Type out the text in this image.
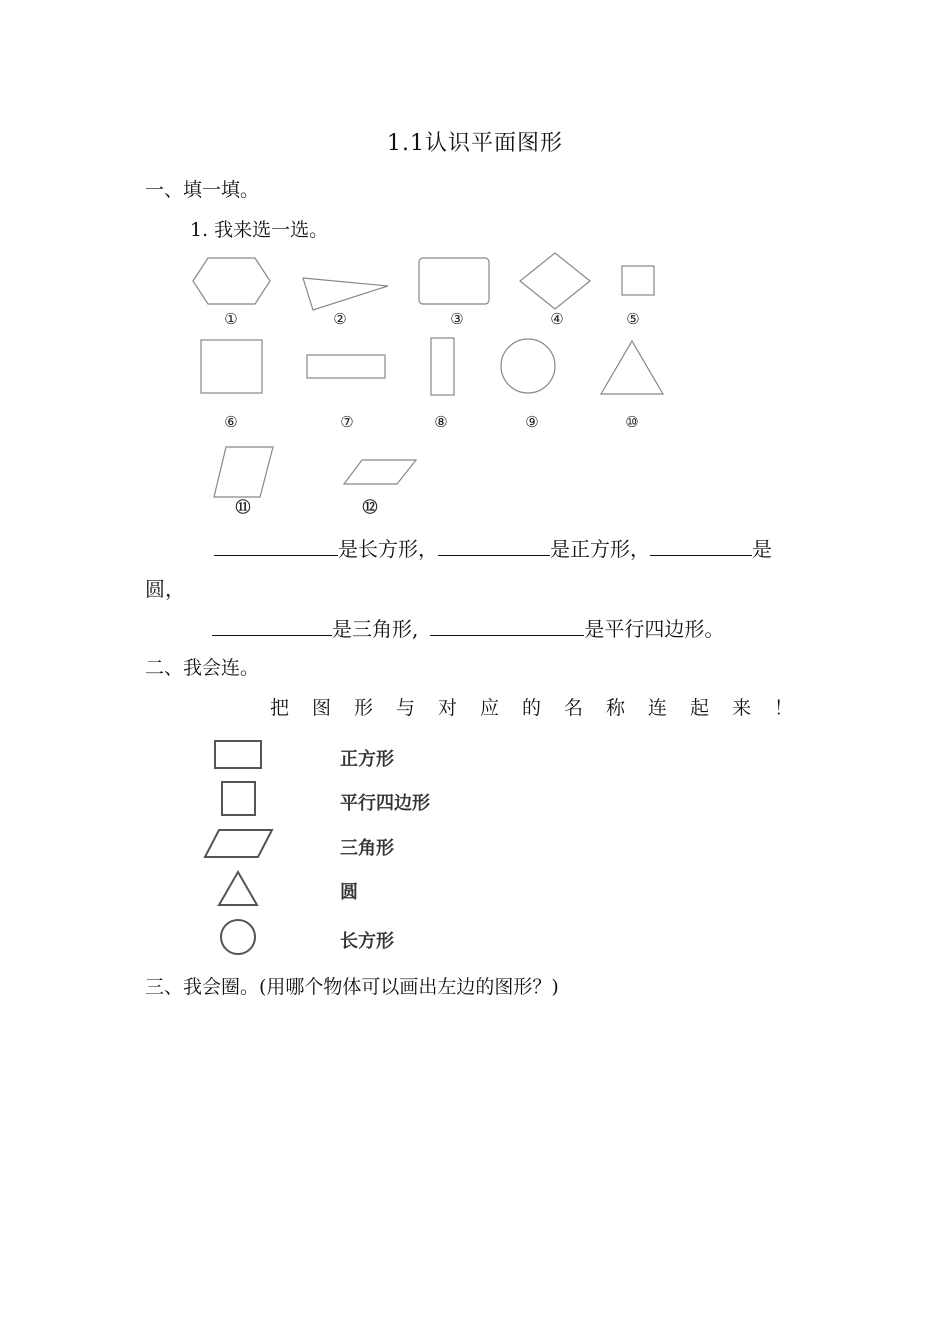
1.1认识平面图形
一、填一填。
1. 我来选一选。
①	②	③	④	⑤
⑥	⑦	⑧	⑨	⑩
⑪	⑫
是长方形，	是正方形，	是
圆，
是三角形,	是平行四边形。
二、我会连。
把 图 形 与 对 应 的 名 称 连 起 来 ！
正方形
平行四边形
三角形
圆
长方形
三、我会圈。(用哪个物体可以画出左边的图形？)
